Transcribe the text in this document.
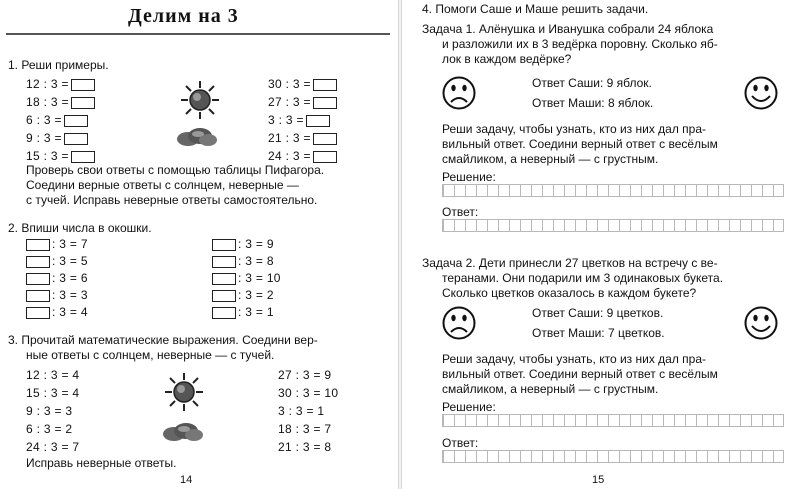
Делим на 3
1. Реши примеры.
12 : 3 =
18 : 3 =
6 : 3 =
9 : 3 =
15 : 3 =
30 : 3 =
27 : 3 =
3 : 3 =
21 : 3 =
24 : 3 =
Проверь свои ответы с помощью таблицы Пифагора.
Соедини верные ответы с солнцем, неверные —
с тучей. Исправь неверные ответы самостоятельно.
2. Впиши числа в окошки.
: 3 = 7
: 3 = 5
: 3 = 6
: 3 = 3
: 3 = 4
: 3 = 9
: 3 = 8
: 3 = 10
: 3 = 2
: 3 = 1
3. Прочитай математические выражения. Соедини вер-
ные ответы с солнцем, неверные — с тучей.
12 : 3 = 4
15 : 3 = 4
9 : 3 = 3
6 : 3 = 2
24 : 3 = 7
27 : 3 = 9
30 : 3 = 10
3 : 3 = 1
18 : 3 = 7
21 : 3 = 8
Исправь неверные ответы.
14
4. Помоги Саше и Маше решить задачи.
Задача 1. Алёнушка и Иванушка собрали 24 яблока
и разложили их в 3 ведёрка поровну. Сколько яб-
лок в каждом ведёрке?
Ответ Саши: 9 яблок.
Ответ Маши: 8 яблок.
Реши задачу, чтобы узнать, кто из них дал пра-
вильный ответ. Соедини верный ответ с весёлым
смайликом, а неверный — с грустным.
Решение:
Ответ:
Задача 2. Дети принесли 27 цветков на встречу с ве-
теранами. Они подарили им 3 одинаковых букета.
Сколько цветков оказалось в каждом букете?
Ответ Саши: 9 цветков.
Ответ Маши: 7 цветков.
Реши задачу, чтобы узнать, кто из них дал пра-
вильный ответ. Соедини верный ответ с весёлым
смайликом, а неверный — с грустным.
Решение:
Ответ:
15
